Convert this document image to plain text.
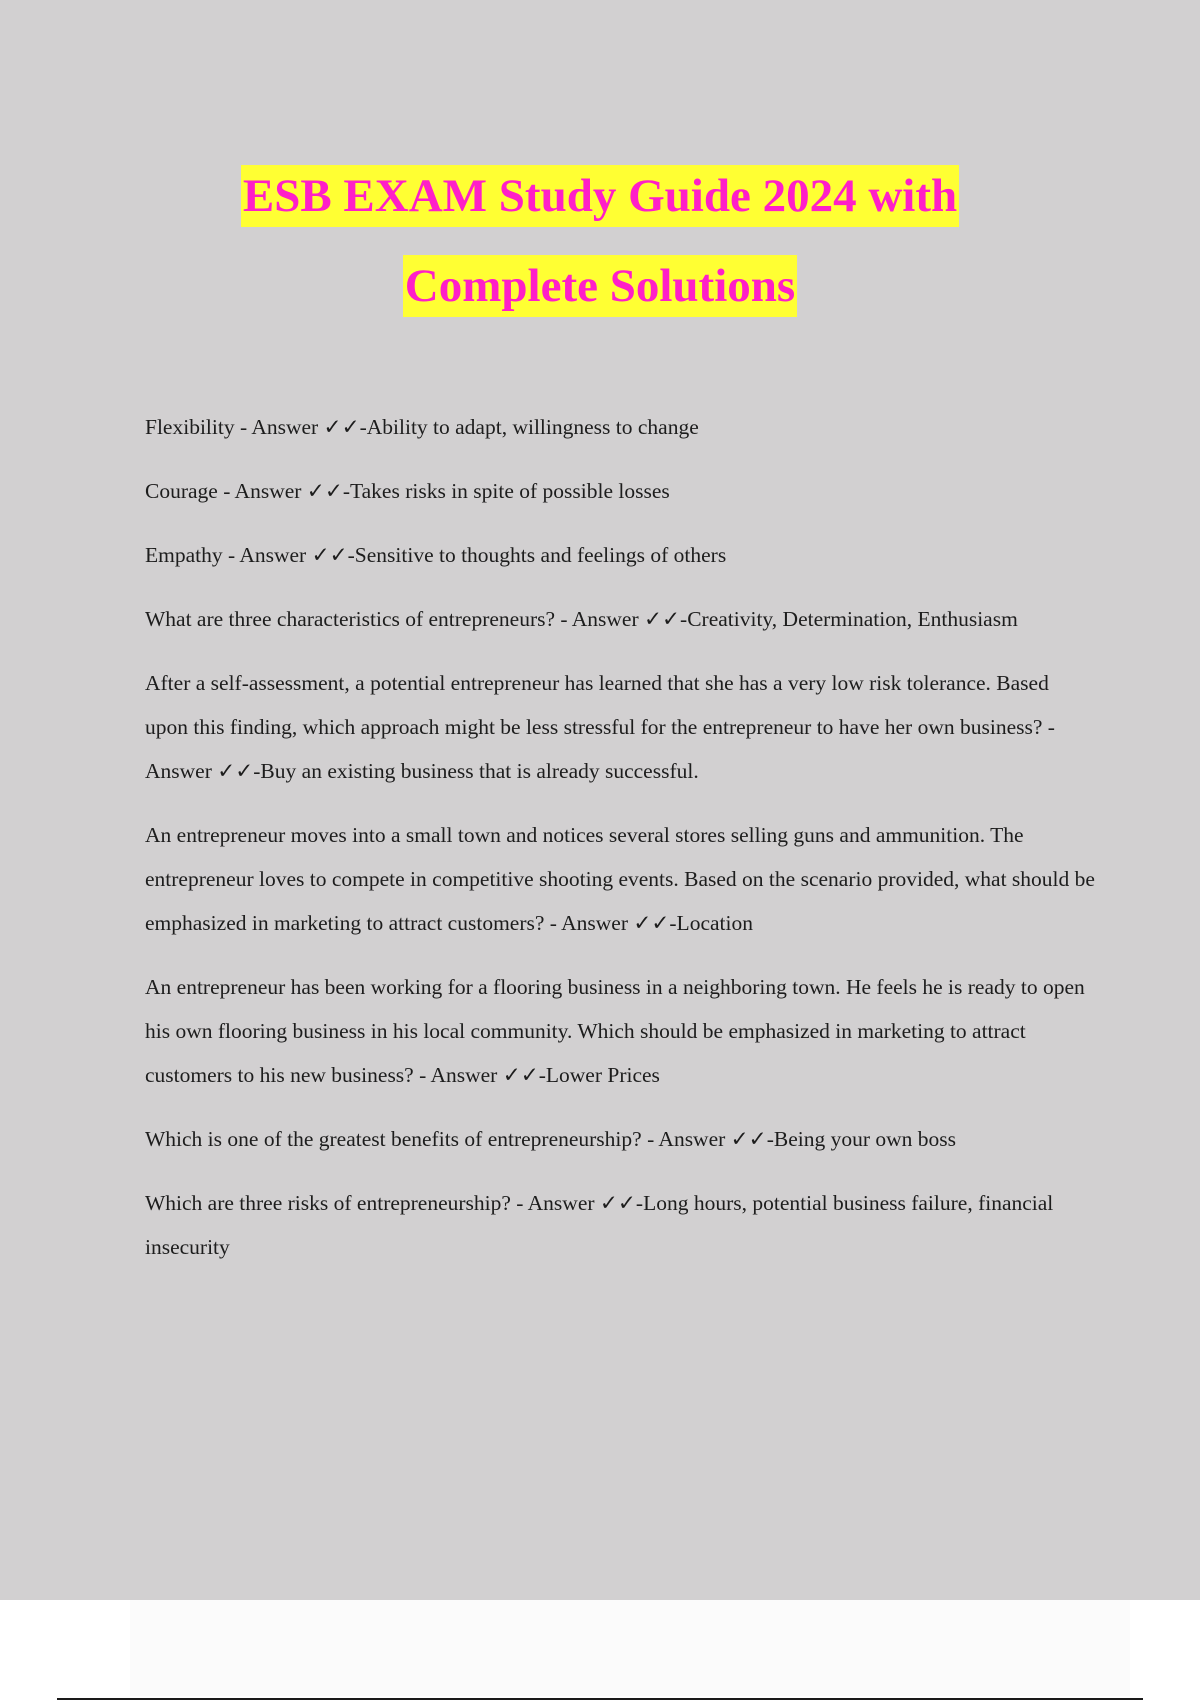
ESB EXAM Study Guide 2024 with
Complete Solutions
Flexibility - Answer ✓✓-Ability to adapt, willingness to change
Courage - Answer ✓✓-Takes risks in spite of possible losses
Empathy - Answer ✓✓-Sensitive to thoughts and feelings of others
What are three characteristics of entrepreneurs? - Answer ✓✓-Creativity, Determination, Enthusiasm
After a self-assessment, a potential entrepreneur has learned that she has a very low risk tolerance. Based upon this finding, which approach might be less stressful for the entrepreneur to have her own business? - Answer ✓✓-Buy an existing business that is already successful.
An entrepreneur moves into a small town and notices several stores selling guns and ammunition. The entrepreneur loves to compete in competitive shooting events. Based on the scenario provided, what should be emphasized in marketing to attract customers? - Answer ✓✓-Location
An entrepreneur has been working for a flooring business in a neighboring town. He feels he is ready to open his own flooring business in his local community. Which should be emphasized in marketing to attract customers to his new business? - Answer ✓✓-Lower Prices
Which is one of the greatest benefits of entrepreneurship? - Answer ✓✓-Being your own boss
Which are three risks of entrepreneurship? - Answer ✓✓-Long hours, potential business failure, financial insecurity
